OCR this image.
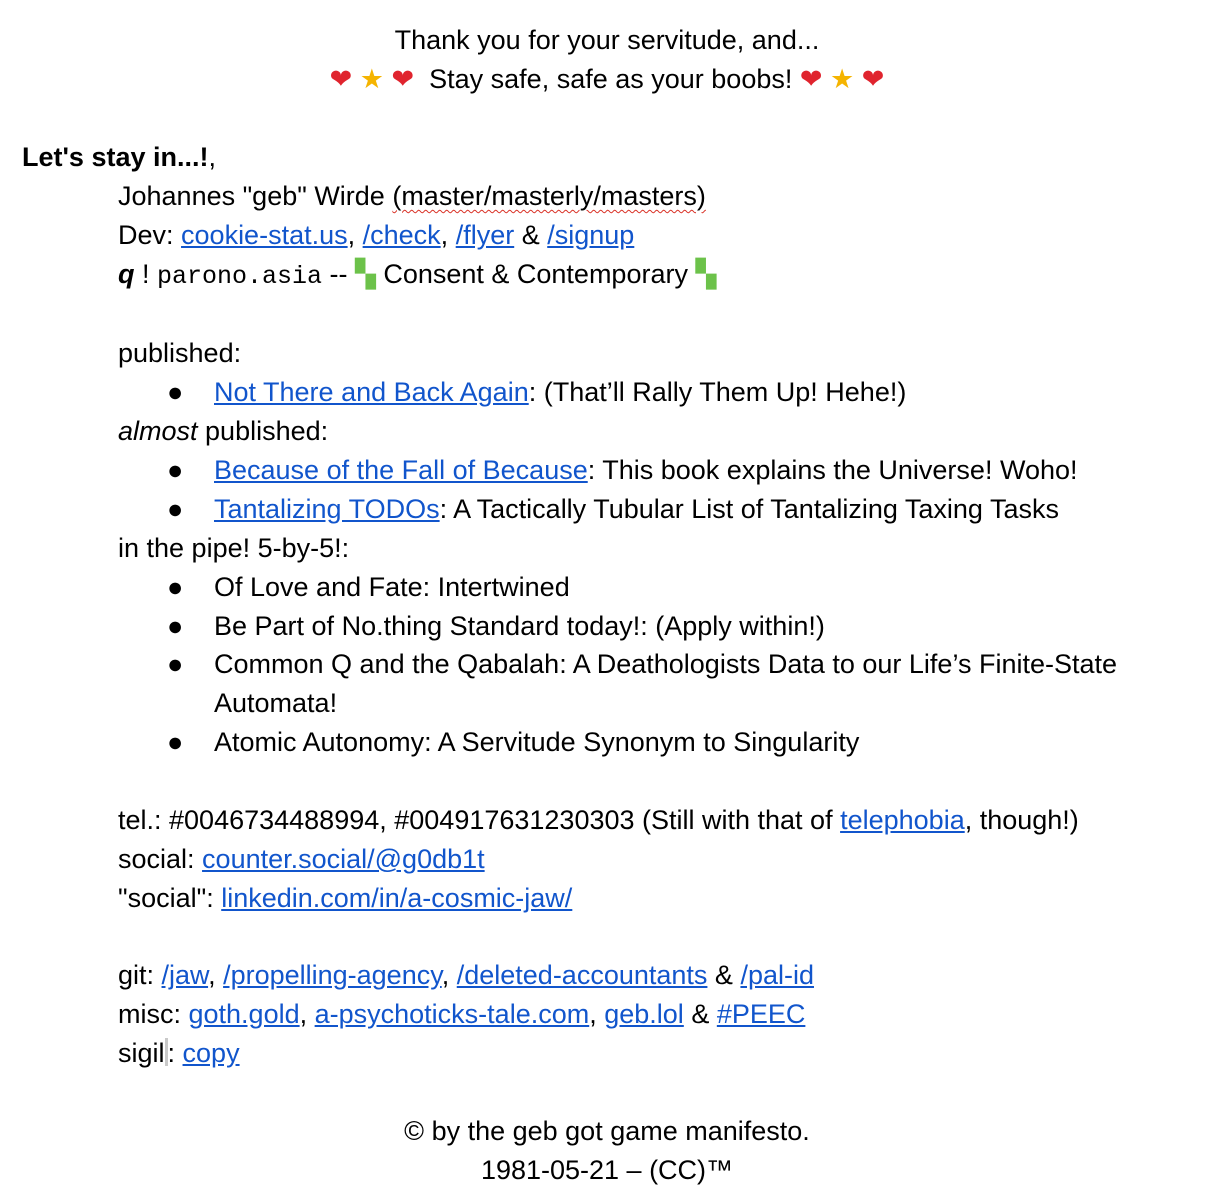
Thank you for your servitude, and...
❤ ★ ❤ Stay safe, safe as your boobs! ❤ ★ ❤
Let's stay in...!,
Johannes "geb" Wirde (master/masterly/masters)
Dev: cookie-stat.us, /check, /flyer & /signup
q ! parono.asia -- ▚ Consent & Contemporary ▚
published:
● Not There and Back Again: (That’ll Rally Them Up! Hehe!)
almost published:
● Because of the Fall of Because: This book explains the Universe! Woho!
● Tantalizing TODOs: A Tactically Tubular List of Tantalizing Taxing Tasks
in the pipe! 5-by-5!:
● Of Love and Fate: Intertwined
● Be Part of No.thing Standard today!: (Apply within!)
● Common Q and the Qabalah: A Deathologists Data to our Life’s Finite-State
Automata!
● Atomic Autonomy: A Servitude Synonym to Singularity
tel.: #0046734488994, #004917631230303 (Still with that of telephobia, though!)
social: counter.social/@g0db1t
"social": linkedin.com/in/a-cosmic-jaw/
git: /jaw, /propelling-agency, /deleted-accountants & /pal-id
misc: goth.gold, a-psychoticks-tale.com, geb.lol & #PEEC
sigil : copy
© by the geb got game manifesto.
1981-05-21 – (CC)™
